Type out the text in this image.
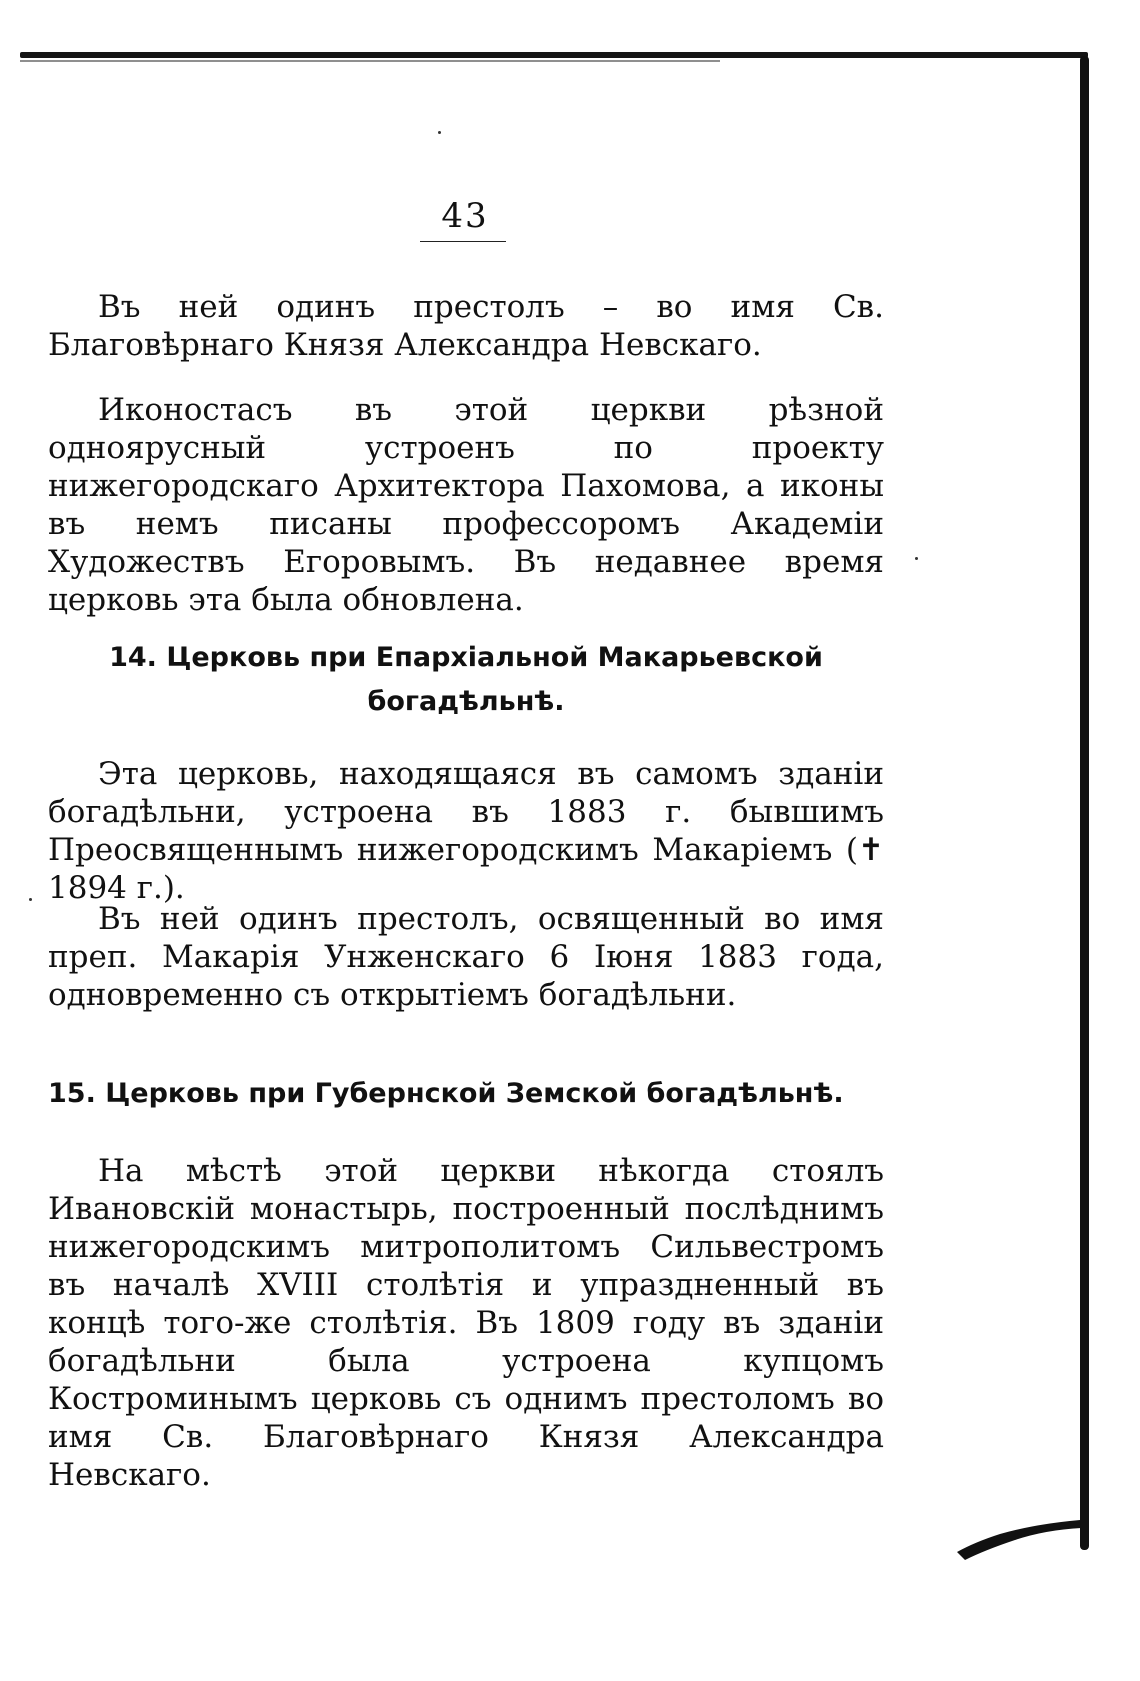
43

Въ ней одинъ престолъ – во имя Св. Благовѣрнаго Князя Александра Невскаго.

Иконостасъ въ этой церкви рѣзной одноярусный устроенъ по проекту нижегородскаго Архитектора Пахомова, а иконы въ немъ писаны профессоромъ Академіи Художествъ Егоровымъ. Въ недавнее время церковь эта была обновлена.

14. Церковь при Епархіальной Макарьевской богадѣльнѣ.

Эта церковь, находящаяся въ самомъ зданіи богадѣльни, устроена въ 1883 г. бывшимъ Преосвященнымъ нижегородскимъ Макаріемъ (✝ 1894 г.).

Въ ней одинъ престолъ, освященный во имя преп. Макарія Унженскаго 6 Іюня 1883 года, одновременно съ открытіемъ богадѣльни.

15. Церковь при Губернской Земской богадѣльнѣ.

На мѣстѣ этой церкви нѣкогда стоялъ Ивановскій монастырь, построенный послѣднимъ нижегородскимъ митрополитомъ Сильвестромъ въ началѣ XVIII столѣтія и упраздненный въ концѣ того-же столѣтія. Въ 1809 году въ зданіи богадѣльни была устроена купцомъ Костроминымъ церковь съ однимъ престоломъ во имя Св. Благовѣрнаго Князя Александра Невскаго.
